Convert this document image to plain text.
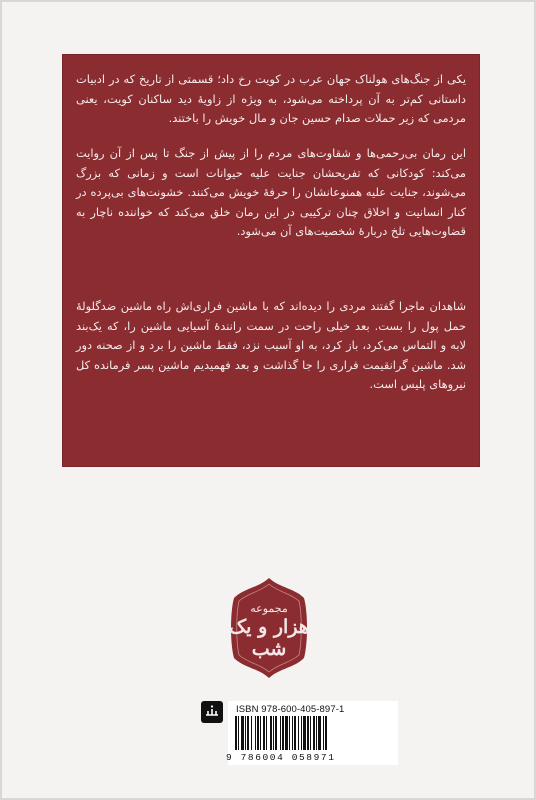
یکی از جنگ‌های هولناک جهان عرب در کویت رخ داد؛ قسمتی از تاریخ که در ادبیات داستانی کم‌تر به آن پرداخته می‌شود، به ویژه از زاویهٔ دید ساکنان کویت، یعنی مردمی که زیر حملات صدام حسین جان و مال خویش را باختند.

این رمان بی‌رحمی‌ها و شقاوت‌های مردم را از پیش از جنگ تا پس از آن روایت می‌کند: کودکانی که تفریحشان جنایت علیه حیوانات است و زمانی که بزرگ می‌شوند، جنایت علیه همنوعانشان را حرفهٔ خویش می‌کنند. خشونت‌های بی‌پرده در کنار انسانیت و اخلاق چنان ترکیبی در این رمان خلق می‌کند که خواننده ناچار به قضاوت‌هایی تلخ دربارهٔ شخصیت‌های آن می‌شود.

شاهدان ماجرا گفتند مردی را دیده‌اند که با ماشین فراری‌اش راه ماشین ضدگلولهٔ حمل پول را بست. بعد خیلی راحت در سمت رانندهٔ آسیایی ماشین را، که یک‌بند لابه و التماس می‌کرد، باز کرد، به او آسیب نزد، فقط ماشین را برد و از صحنه دور شد. ماشین گرانقیمت فراری را جا گذاشت و بعد فهمیدیم ماشین پسر فرمانده کل نیروهای پلیس است.

مجموعه
هزار و یک شب
ISBN 978-600-405-897-1
9 786004 058971
